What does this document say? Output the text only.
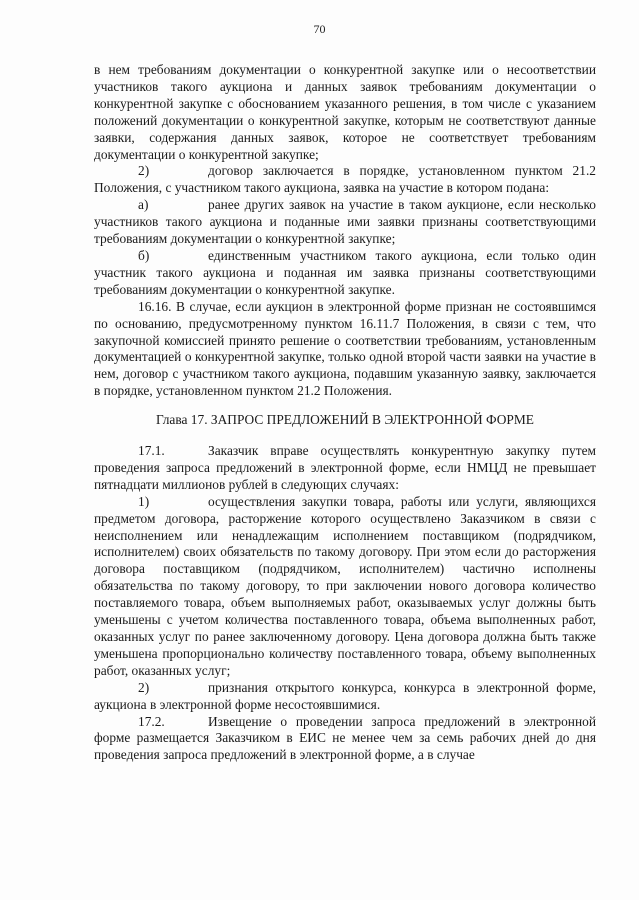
70

в нем требованиям документации о конкурентной закупке или о несоответствии участников такого аукциона и данных заявок требованиям документации о конкурентной закупке с обоснованием указанного решения, в том числе с указанием положений документации о конкурентной закупке, которым не соответствуют данные заявки, содержания данных заявок, которое не соответствует требованиям документации о конкурентной закупке;

2)	договор заключается в порядке, установленном пунктом 21.2 Положения, с участником такого аукциона, заявка на участие в котором подана:

а)	ранее других заявок на участие в таком аукционе, если несколько участников такого аукциона и поданные ими заявки признаны соответствующими требованиям документации о конкурентной закупке;

б)	единственным участником такого аукциона, если только один участник такого аукциона и поданная им заявка признаны соответствующими требованиям документации о конкурентной закупке.

16.16. В случае, если аукцион в электронной форме признан не состоявшимся по основанию, предусмотренному пунктом 16.11.7 Положения, в связи с тем, что закупочной комиссией принято решение о соответствии требованиям, установленным документацией о конкурентной закупке, только одной второй части заявки на участие в нем, договор с участником такого аукциона, подавшим указанную заявку, заключается в порядке, установленном пунктом 21.2 Положения.

Глава 17. ЗАПРОС ПРЕДЛОЖЕНИЙ В ЭЛЕКТРОННОЙ ФОРМЕ

17.1.	Заказчик вправе осуществлять конкурентную закупку путем проведения запроса предложений в электронной форме, если НМЦД не превышает пятнадцати миллионов рублей в следующих случаях:

1)	осуществления закупки товара, работы или услуги, являющихся предметом договора, расторжение которого осуществлено Заказчиком в связи с неисполнением или ненадлежащим исполнением поставщиком (подрядчиком, исполнителем) своих обязательств по такому договору. При этом если до расторжения договора поставщиком (подрядчиком, исполнителем) частично исполнены обязательства по такому договору, то при заключении нового договора количество поставляемого товара, объем выполняемых работ, оказываемых услуг должны быть уменьшены с учетом количества поставленного товара, объема выполненных работ, оказанных услуг по ранее заключенному договору. Цена договора должна быть также уменьшена пропорционально количеству поставленного товара, объему выполненных работ, оказанных услуг;

2)	признания открытого конкурса, конкурса в электронной форме, аукциона в электронной форме несостоявшимися.

17.2.	Извещение о проведении запроса предложений в электронной форме размещается Заказчиком в ЕИС не менее чем за семь рабочих дней до дня проведения запроса предложений в электронной форме, а в случае
